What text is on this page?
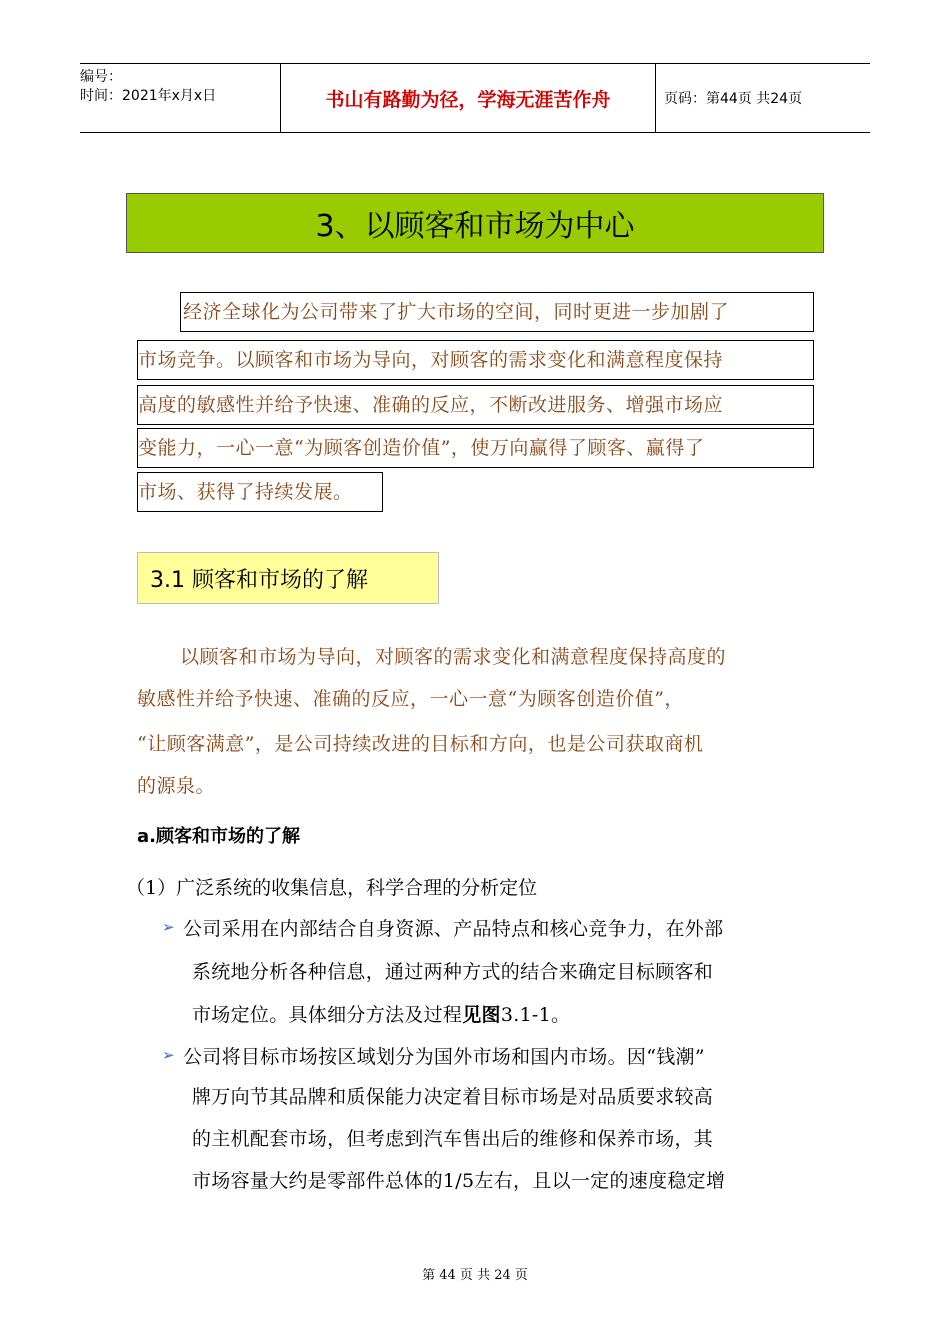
编号：
时间：2021年x月x日	书山有路勤为径，学海无涯苦作舟	页码：第44页 共24页
3、以顾客和市场为中心
经济全球化为公司带来了扩大市场的空间，同时更进一步加剧了
市场竞争。以顾客和市场为导向，对顾客的需求变化和满意程度保持
高度的敏感性并给予快速、准确的反应，不断改进服务、增强市场应
变能力，一心一意“为顾客创造价值”，使万向赢得了顾客、赢得了
市场、获得了持续发展。
3.1 顾客和市场的了解
以顾客和市场为导向，对顾客的需求变化和满意程度保持高度的
敏感性并给予快速、准确的反应，一心一意“为顾客创造价值”，
“让顾客满意”，是公司持续改进的目标和方向，也是公司获取商机
的源泉。
a.顾客和市场的了解
（1）广泛系统的收集信息，科学合理的分析定位
➢ 公司采用在内部结合自身资源、产品特点和核心竞争力，在外部
系统地分析各种信息，通过两种方式的结合来确定目标顾客和
市场定位。具体细分方法及过程见图3.1-1。
➢ 公司将目标市场按区域划分为国外市场和国内市场。因“钱潮”
牌万向节其品牌和质保能力决定着目标市场是对品质要求较高
的主机配套市场，但考虑到汽车售出后的维修和保养市场，其
市场容量大约是零部件总体的1/5左右，且以一定的速度稳定增
第 44 页 共 24 页
